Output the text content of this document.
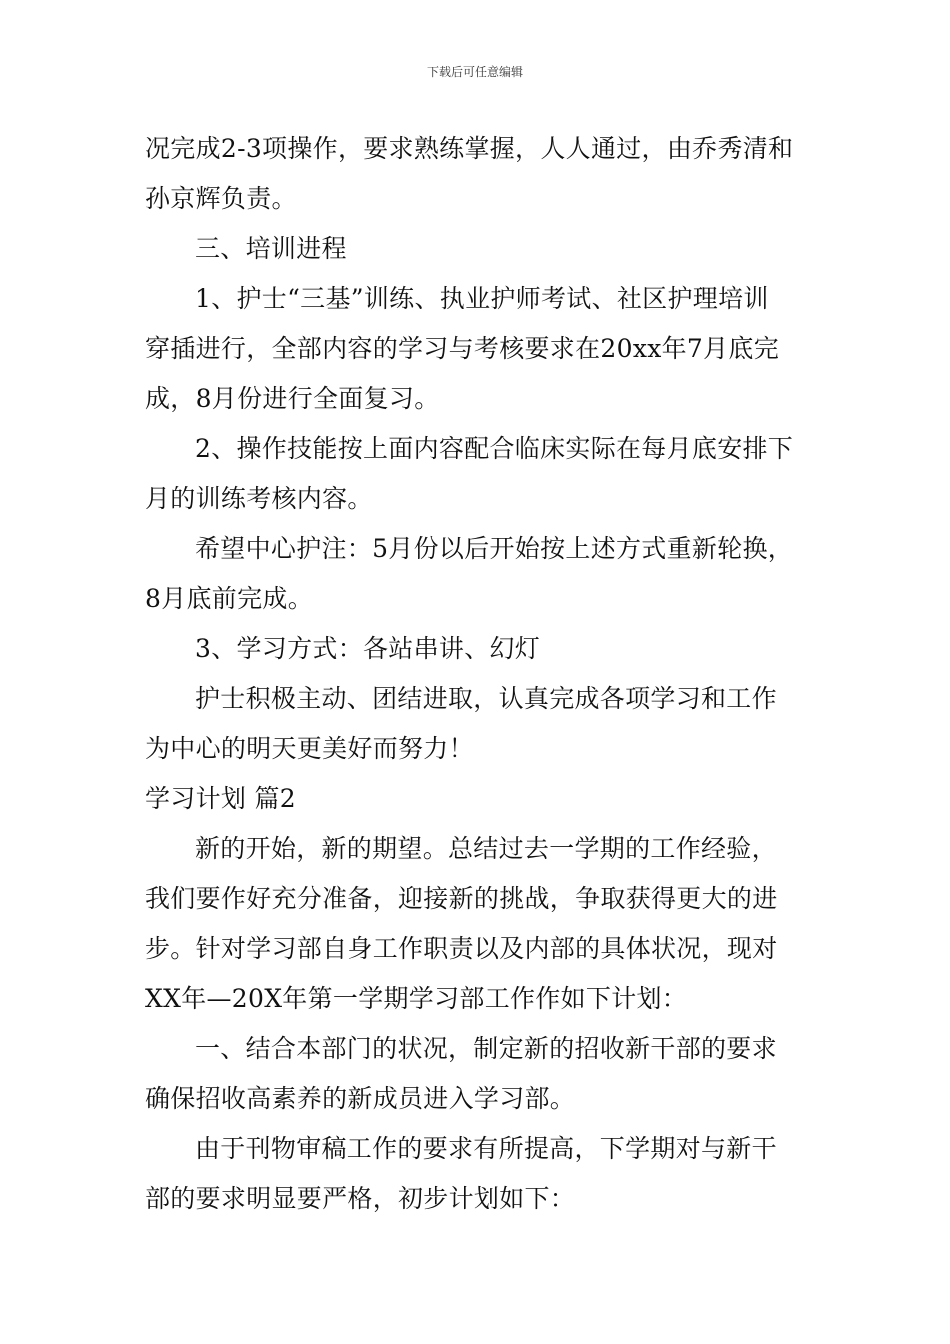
下载后可任意编辑
况完成2-3项操作，要求熟练掌握，人人通过，由乔秀清和
孙京辉负责。
三、培训进程
1、护士“三基”训练、执业护师考试、社区护理培训
穿插进行，全部内容的学习与考核要求在20xx年7月底完
成，8月份进行全面复习。
2、操作技能按上面内容配合临床实际在每月底安排下
月的训练考核内容。
希望中心护注：5月份以后开始按上述方式重新轮换，
8月底前完成。
3、学习方式：各站串讲、幻灯
护士积极主动、团结进取，认真完成各项学习和工作
为中心的明天更美好而努力！
学习计划 篇2
新的开始，新的期望。总结过去一学期的工作经验，
我们要作好充分准备，迎接新的挑战，争取获得更大的进
步。针对学习部自身工作职责以及内部的具体状况，现对
XX年—20X年第一学期学习部工作作如下计划：
一、结合本部门的状况，制定新的招收新干部的要求
确保招收高素养的新成员进入学习部。
由于刊物审稿工作的要求有所提高，下学期对与新干
部的要求明显要严格，初步计划如下：
